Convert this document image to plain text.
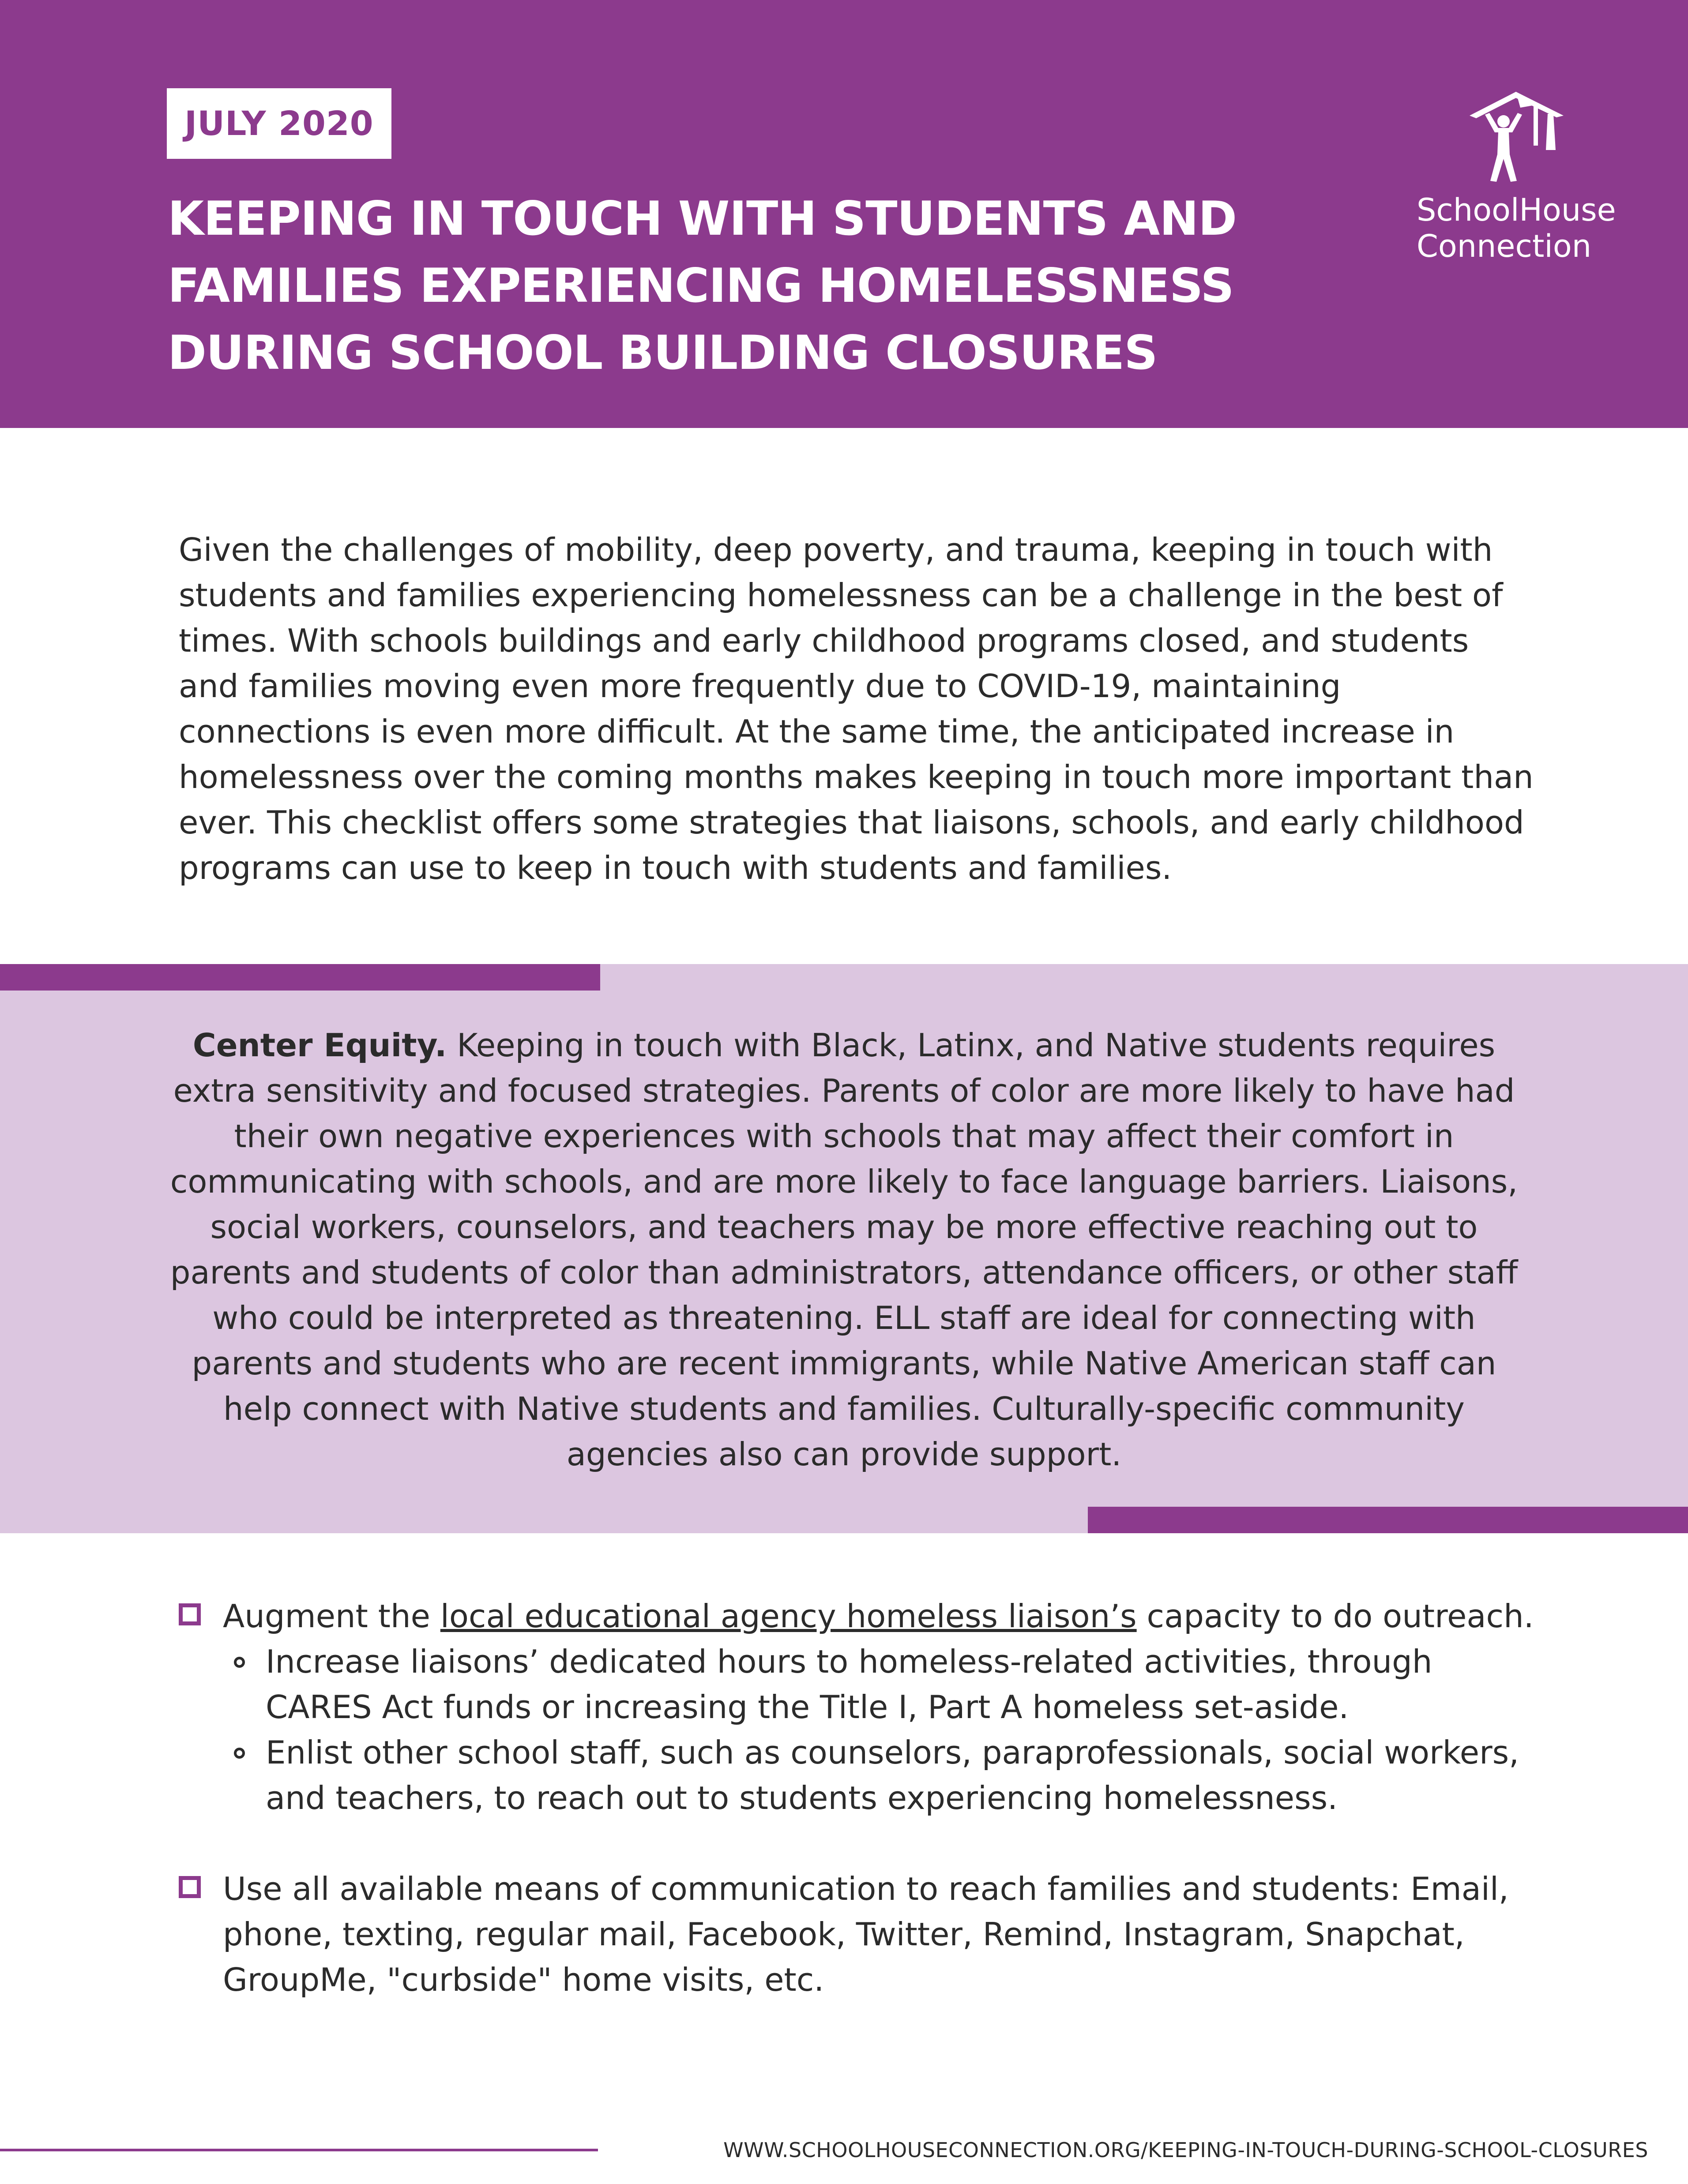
JULY 2020
KEEPING IN TOUCH WITH STUDENTS AND FAMILIES EXPERIENCING HOMELESSNESS DURING SCHOOL BUILDING CLOSURES
SchoolHouse
Connection

Given the challenges of mobility, deep poverty, and trauma, keeping in touch with students and families experiencing homelessness can be a challenge in the best of times. With schools buildings and early childhood programs closed, and students and families moving even more frequently due to COVID-19, maintaining connections is even more difficult. At the same time, the anticipated increase in homelessness over the coming months makes keeping in touch more important than ever. This checklist offers some strategies that liaisons, schools, and early childhood programs can use to keep in touch with students and families.

Center Equity. Keeping in touch with Black, Latinx, and Native students requires extra sensitivity and focused strategies. Parents of color are more likely to have had their own negative experiences with schools that may affect their comfort in communicating with schools, and are more likely to face language barriers. Liaisons, social workers, counselors, and teachers may be more effective reaching out to parents and students of color than administrators, attendance officers, or other staff who could be interpreted as threatening. ELL staff are ideal for connecting with parents and students who are recent immigrants, while Native American staff can help connect with Native students and families. Culturally-specific community agencies also can provide support.

Augment the local educational agency homeless liaison’s capacity to do outreach.
Increase liaisons’ dedicated hours to homeless-related activities, through CARES Act funds or increasing the Title I, Part A homeless set-aside.
Enlist other school staff, such as counselors, paraprofessionals, social workers, and teachers, to reach out to students experiencing homelessness.
Use all available means of communication to reach families and students: Email, phone, texting, regular mail, Facebook, Twitter, Remind, Instagram, Snapchat, GroupMe, "curbside" home visits, etc.
WWW.SCHOOLHOUSECONNECTION.ORG/KEEPING-IN-TOUCH-DURING-SCHOOL-CLOSURES
